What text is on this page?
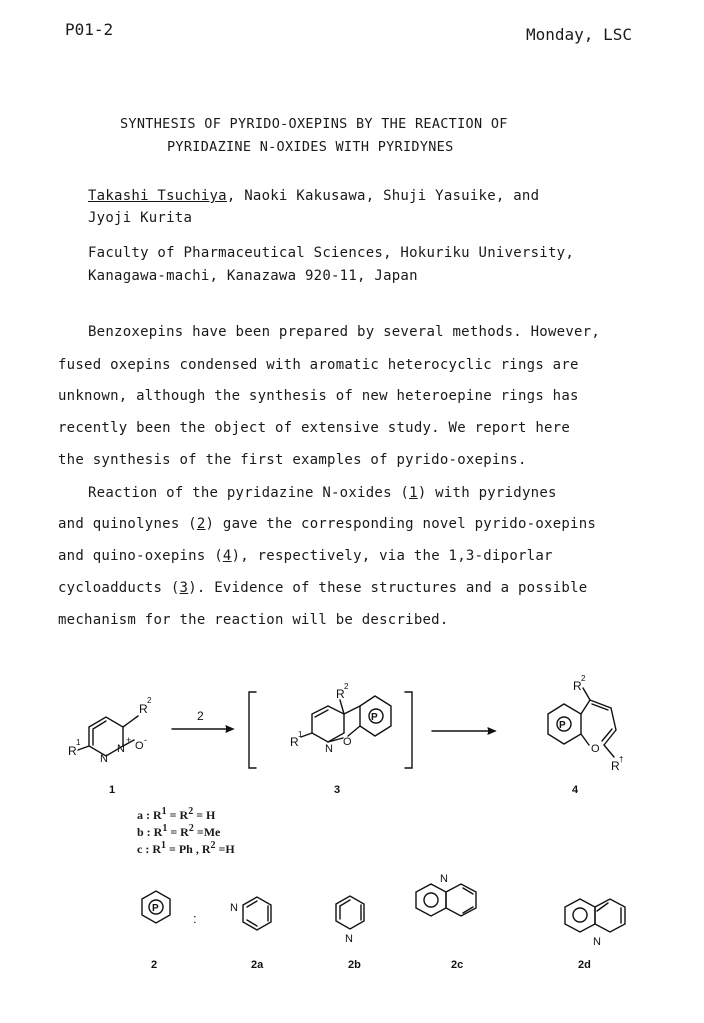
P01-2	Monday, LSC
SYNTHESIS OF PYRIDO-OXEPINS BY THE REACTION OF
PYRIDAZINE N-OXIDES WITH PYRIDYNES
Takashi Tsuchiya, Naoki Kakusawa, Shuji Yasuike, and
Jyoji Kurita
Faculty of Pharmaceutical Sciences, Hokuriku University,
Kanagawa-machi, Kanazawa 920-11, Japan
Benzoxepins have been prepared by several methods. However,
fused oxepins condensed with aromatic heterocyclic rings are
unknown, although the synthesis of new heteroepine rings has
recently been the object of extensive study. We report here
the synthesis of the first examples of pyrido-oxepins.
Reaction of the pyridazine N-oxides (1) with pyridynes
and quinolynes (2) gave the corresponding novel pyrido-oxepins
and quino-oxepins (4), respectively, via the 1,3-diporlar
cycloadducts (3). Evidence of these structures and a possible
mechanism for the reaction will be described.
R
1
R
2
N
N
+ O -
2
R
2
R
1
N
O
P
R
2
P
O
R †
1	3	4
P
:
N
N
N
N
2	2a	2b	2c	2d
a : $R^1 = R^2 = H$
b : $R^1 = R^2 =Me$
c : $R^1 = Ph$ , $R^2 =H$
